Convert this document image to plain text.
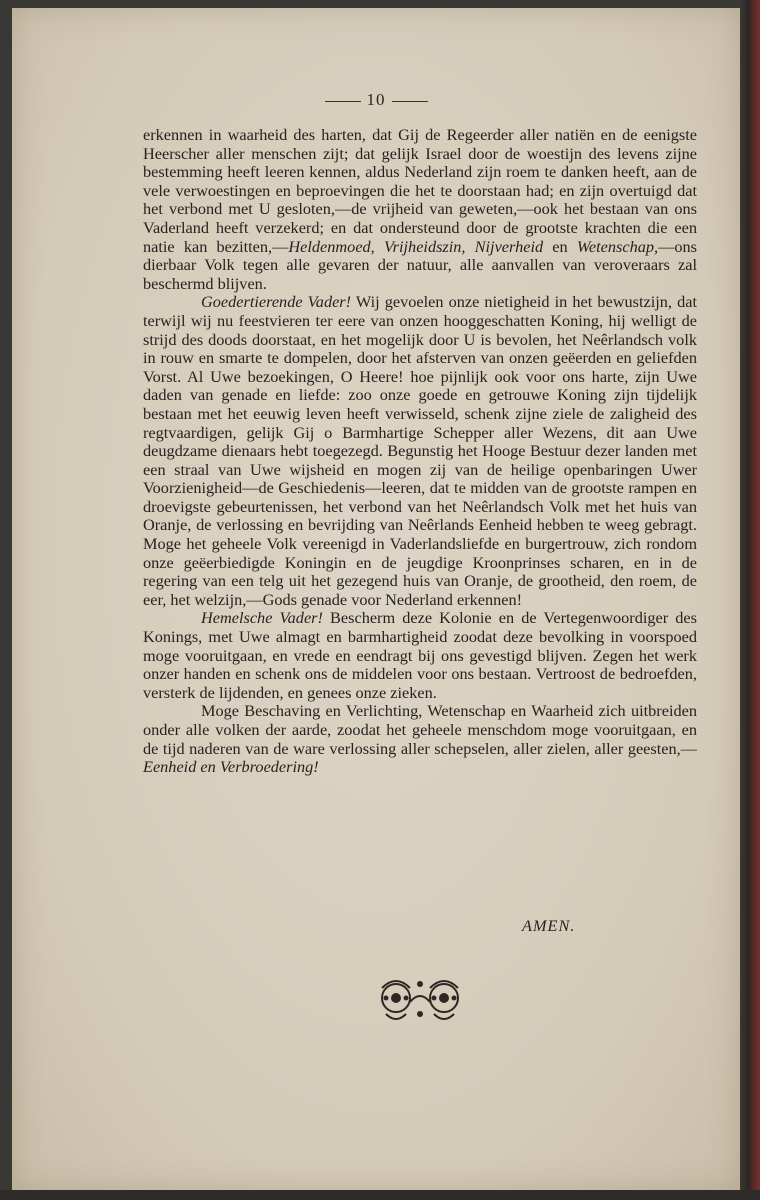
10

erkennen in waarheid des harten, dat Gij de Regeerder aller natiën en de eenigste Heerscher aller menschen zijt; dat gelijk Israel door de woestijn des levens zijne bestemming heeft leeren kennen, aldus Nederland zijn roem te danken heeft, aan de vele verwoestingen en beproevingen die het te doorstaan had; en zijn overtuigd dat het verbond met U gesloten,—de vrijheid van geweten,—ook het bestaan van ons Vaderland heeft verzekerd; en dat ondersteund door de grootste krachten die een natie kan bezitten,—Heldenmoed, Vrijheidszin, Nijverheid en Wetenschap,—ons dierbaar Volk tegen alle gevaren der natuur, alle aanvallen van veroveraars zal beschermd blijven.

Goedertierende Vader! Wij gevoelen onze nietigheid in het bewustzijn, dat terwijl wij nu feestvieren ter eere van onzen hooggeschatten Koning, hij welligt de strijd des doods doorstaat, en het mogelijk door U is bevolen, het Neêrlandsch volk in rouw en smarte te dompelen, door het afsterven van onzen geëerden en geliefden Vorst. Al Uwe bezoekingen, O Heere! hoe pijnlijk ook voor ons harte, zijn Uwe daden van genade en liefde: zoo onze goede en getrouwe Koning zijn tijdelijk bestaan met het eeuwig leven heeft verwisseld, schenk zijne ziele de zaligheid des regtvaardigen, gelijk Gij o Barmhartige Schepper aller Wezens, dit aan Uwe deugdzame dienaars hebt toegezegd. Begunstig het Hooge Bestuur dezer landen met een straal van Uwe wijsheid en mogen zij van de heilige openbaringen Uwer Voorzienigheid—de Geschiedenis—leeren, dat te midden van de grootste rampen en droevigste gebeurtenissen, het verbond van het Neêrlandsch Volk met het huis van Oranje, de verlossing en bevrijding van Neêrlands Eenheid hebben te weeg gebragt. Moge het geheele Volk vereenigd in Vaderlandsliefde en burgertrouw, zich rondom onze geëerbiedigde Koningin en de jeugdige Kroonprinses scharen, en in de regering van een telg uit het gezegend huis van Oranje, de grootheid, den roem, de eer, het welzijn,—Gods genade voor Nederland erkennen!

Hemelsche Vader! Bescherm deze Kolonie en de Vertegenwoordiger des Konings, met Uwe almagt en barmhartigheid zoodat deze bevolking in voorspoed moge vooruitgaan, en vrede en eendragt bij ons gevestigd blijven. Zegen het werk onzer handen en schenk ons de middelen voor ons bestaan. Vertroost de bedroefden, versterk de lijdenden, en genees onze zieken.

Moge Beschaving en Verlichting, Wetenschap en Waarheid zich uitbreiden onder alle volken der aarde, zoodat het geheele menschdom moge vooruitgaan, en de tijd naderen van de ware verlossing aller schepselen, aller zielen, aller geesten,—Eenheid en Verbroedering!

AMEN.
